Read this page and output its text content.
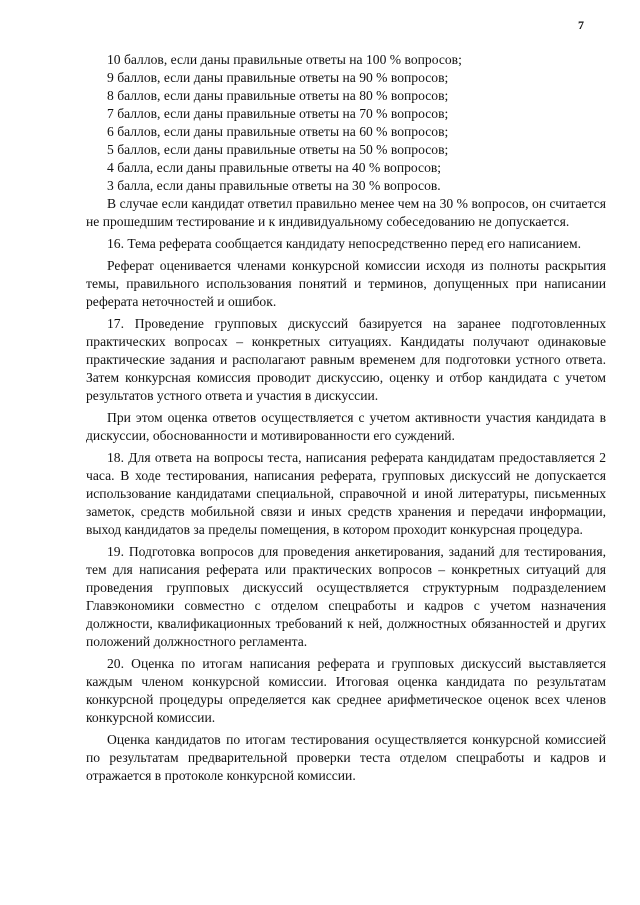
7

10 баллов, если даны правильные ответы на 100 % вопросов;

9 баллов, если даны правильные ответы на 90 % вопросов;

8 баллов, если даны правильные ответы на 80 % вопросов;

7 баллов, если даны правильные ответы на 70 % вопросов;

6 баллов, если даны правильные ответы на 60 % вопросов;

5 баллов, если даны правильные ответы на 50 % вопросов;

4 балла, если даны правильные ответы на 40 % вопросов;

3 балла, если даны правильные ответы на 30 % вопросов.

В случае если кандидат ответил правильно менее чем на 30 % вопросов, он считается не прошедшим тестирование и к индивидуальному собеседованию не допускается.

16. Тема реферата сообщается кандидату непосредственно перед его написанием.

Реферат оценивается членами конкурсной комиссии исходя из полноты раскрытия темы, правильного использования понятий и терминов, допущенных при написании реферата неточностей и ошибок.

17. Проведение групповых дискуссий базируется на заранее подготовленных практических вопросах – конкретных ситуациях. Кандидаты получают одинаковые практические задания и располагают равным временем для подготовки устного ответа. Затем конкурсная комиссия проводит дискуссию, оценку и отбор кандидата с учетом результатов устного ответа и участия в дискуссии.

При этом оценка ответов осуществляется с учетом активности участия кандидата в дискуссии, обоснованности и мотивированности его суждений.

18. Для ответа на вопросы теста, написания реферата кандидатам предоставляется 2 часа. В ходе тестирования, написания реферата, групповых дискуссий не допускается использование кандидатами специальной, справочной и иной литературы, письменных заметок, средств мобильной связи и иных средств хранения и передачи информации, выход кандидатов за пределы помещения, в котором проходит конкурсная процедура.

19. Подготовка вопросов для проведения анкетирования, заданий для тестирования, тем для написания реферата или практических вопросов – конкретных ситуаций для проведения групповых дискуссий осуществляется структурным подразделением Главэкономики совместно с отделом спецработы и кадров с учетом назначения должности, квалификационных требований к ней, должностных обязанностей и других положений должностного регламента.

20. Оценка по итогам написания реферата и групповых дискуссий выставляется каждым членом конкурсной комиссии. Итоговая оценка кандидата по результатам конкурсной процедуры определяется как среднее арифметическое оценок всех членов конкурсной комиссии.

Оценка кандидатов по итогам тестирования осуществляется конкурсной комиссией по результатам предварительной проверки теста отделом спецработы и кадров и отражается в протоколе конкурсной комиссии.
